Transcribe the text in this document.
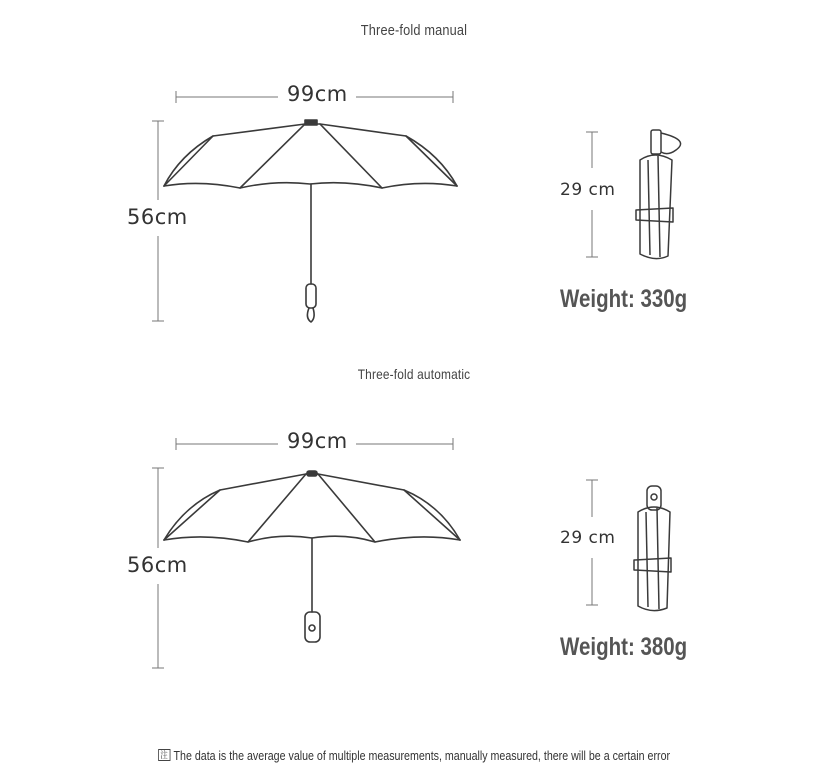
Three-fold manual
99cm
56cm
29 cm
Weight: 330g
Three-fold automatic
99cm
56cm
29 cm
Weight: 380g
注 The data is the average value of multiple measurements, manually measured, there will be a certain error
